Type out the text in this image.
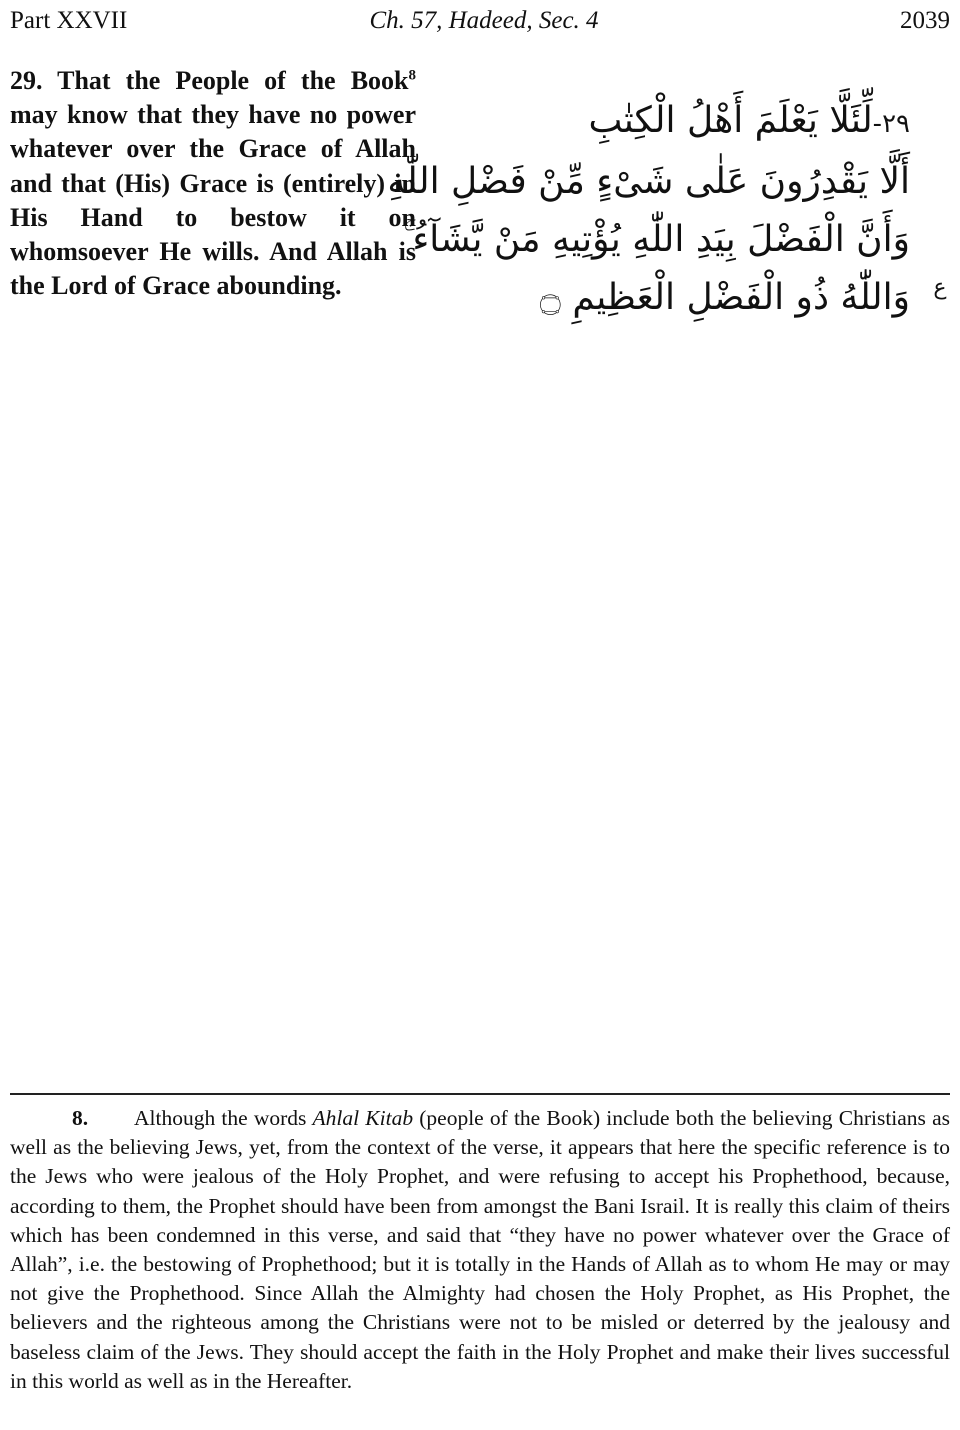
Part XXVII	Ch. 57, Hadeed, Sec. 4	2039
29. That the People of the Book$^8$ may know that they have no power whatever over the Grace of Allah and that (His) Grace is (entirely) in His Hand to bestow it on whomsoever He wills. And Allah is the Lord of Grace abounding.
٢٩-لِّئَلَّا يَعْلَمَ أَهْلُ الْكِتٰبِ
أَلَّا يَقْدِرُونَ عَلٰى شَىْءٍ مِّنْ فَضْلِ اللّٰهِ
وَأَنَّ الْفَضْلَ بِيَدِ اللّٰهِ يُؤْتِيهِ مَنْ يَّشَآءُ ۚ
وَاللّٰهُ ذُو الْفَضْلِ الْعَظِيمِ ۝ ع
8. Although the words Ahlal Kitab (people of the Book) include both the believing Christians as well as the believing Jews, yet, from the context of the verse, it appears that here the specific reference is to the Jews who were jealous of the Holy Prophet, and were refusing to accept his Prophethood, because, according to them, the Prophet should have been from amongst the Bani Israil. It is really this claim of theirs which has been condemned in this verse, and said that “they have no power whatever over the Grace of Allah”, i.e. the bestowing of Prophethood; but it is totally in the Hands of Allah as to whom He may or may not give the Prophethood. Since Allah the Almighty had chosen the Holy Prophet, as His Prophet, the believers and the righteous among the Christians were not to be misled or deterred by the jealousy and baseless claim of the Jews. They should accept the faith in the Holy Prophet and make their lives successful in this world as well as in the Hereafter.
